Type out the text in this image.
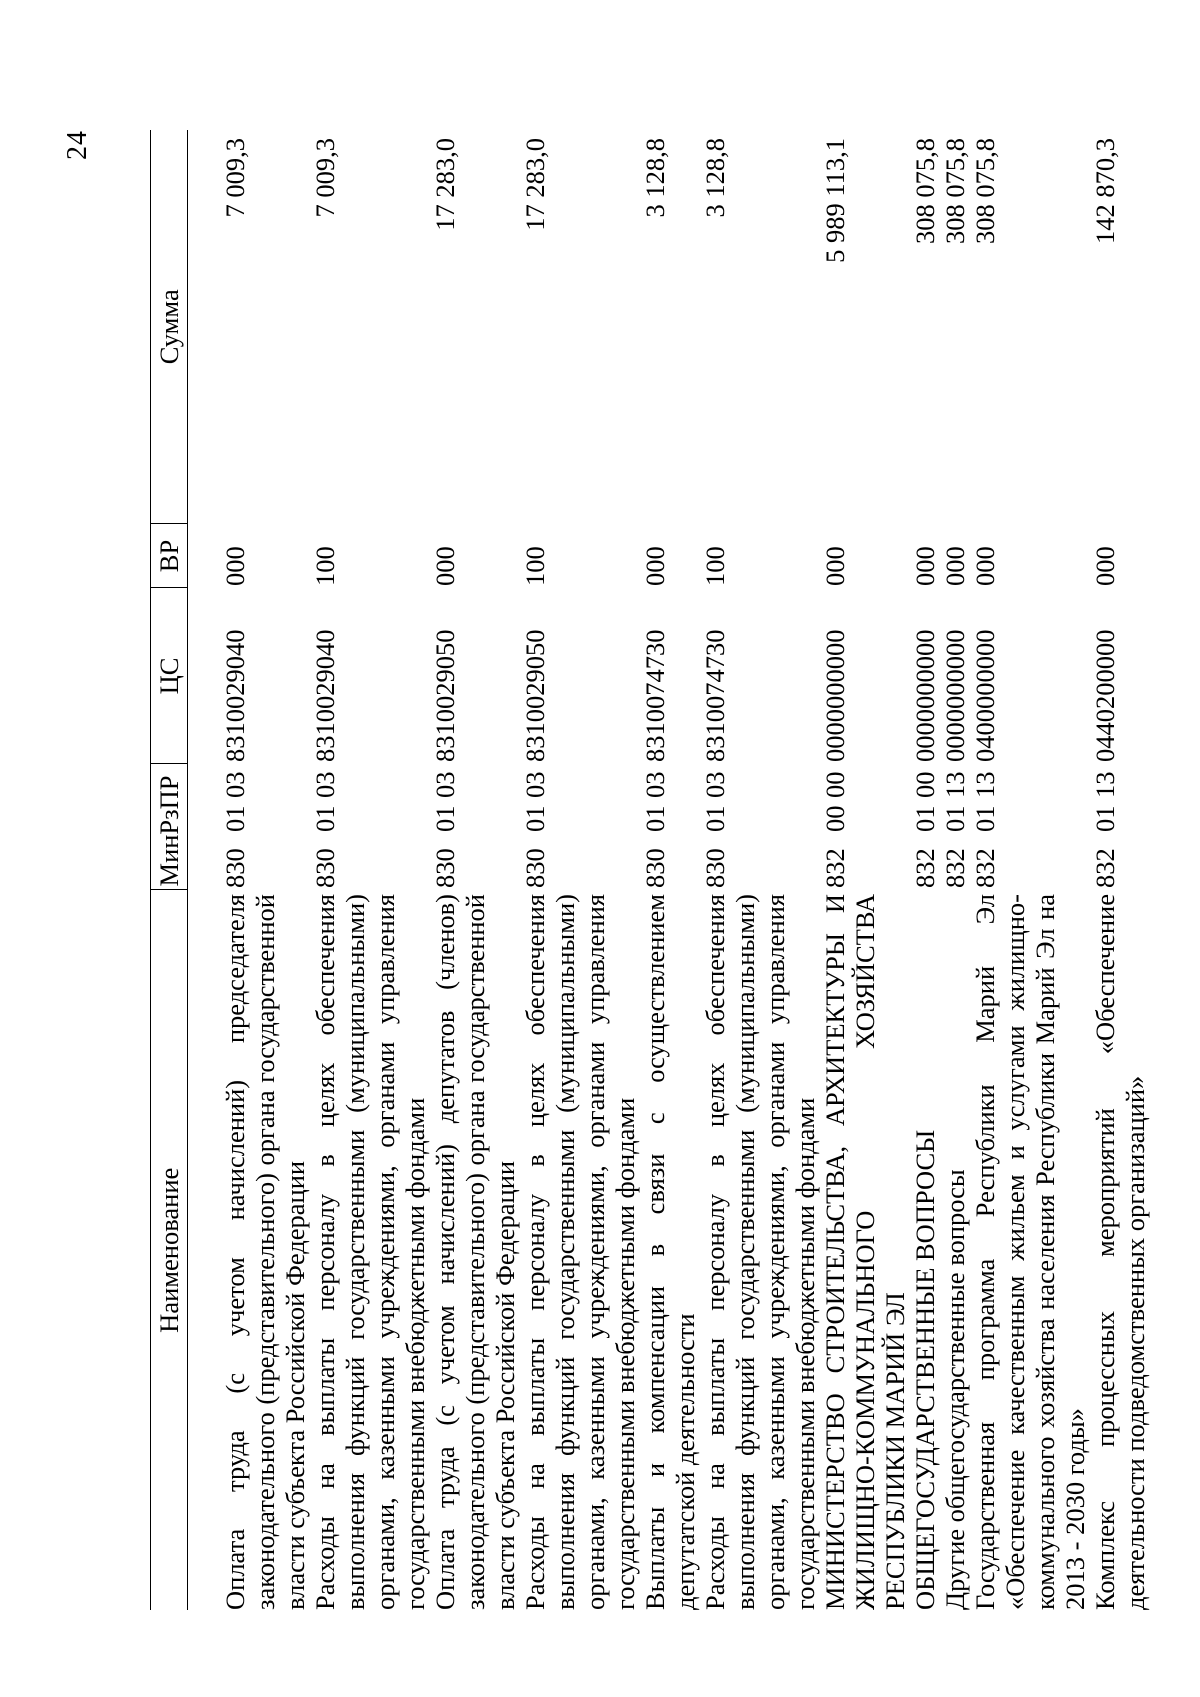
24
Наименование	МинРзПР			ЦС	ВР	Сумма
Оплата труда (с учетом начислений) председателя законодательного (представительного) органа государственной власти субъекта Российской Федерации	830	01	03	8310029040	000	7 009,3
Расходы на выплаты персоналу в целях обеспечения выполнения функций государственными (муниципальными) органами, казенными учреждениями, органами управления государственными внебюджетными фондами	830	01	03	8310029040	100	7 009,3
Оплата труда (с учетом начислений) депутатов (членов) законодательного (представительного) органа государственной власти субъекта Российской Федерации	830	01	03	8310029050	000	17 283,0
Расходы на выплаты персоналу в целях обеспечения выполнения функций государственными (муниципальными) органами, казенными учреждениями, органами управления государственными внебюджетными фондами	830	01	03	8310029050	100	17 283,0
Выплаты и компенсации в связи с осуществлением депутатской деятельности	830	01	03	8310074730	000	3 128,8
Расходы на выплаты персоналу в целях обеспечения выполнения функций государственными (муниципальными) органами, казенными учреждениями, органами управления государственными внебюджетными фондами	830	01	03	8310074730	100	3 128,8
МИНИСТЕРСТВО СТРОИТЕЛЬСТВА, АРХИТЕКТУРЫ И ЖИЛИЩНО-КОММУНАЛЬНОГО ХОЗЯЙСТВА РЕСПУБЛИКИ МАРИЙ ЭЛ	832	00	00	0000000000	000	5 989 113,1
ОБЩЕГОСУДАРСТВЕННЫЕ ВОПРОСЫ	832	01	00	0000000000	000	308 075,8
Другие общегосударственные вопросы	832	01	13	0000000000	000	308 075,8
Государственная программа Республики Марий Эл «Обеспечение качественным жильем и услугами жилищно-коммунального хозяйства населения Республики Марий Эл на 2013 - 2030 годы»	832	01	13	0400000000	000	308 075,8
Комплекс процессных мероприятий «Обеспечение деятельности подведомственных организаций»	832	01	13	0440200000	000	142 870,3
